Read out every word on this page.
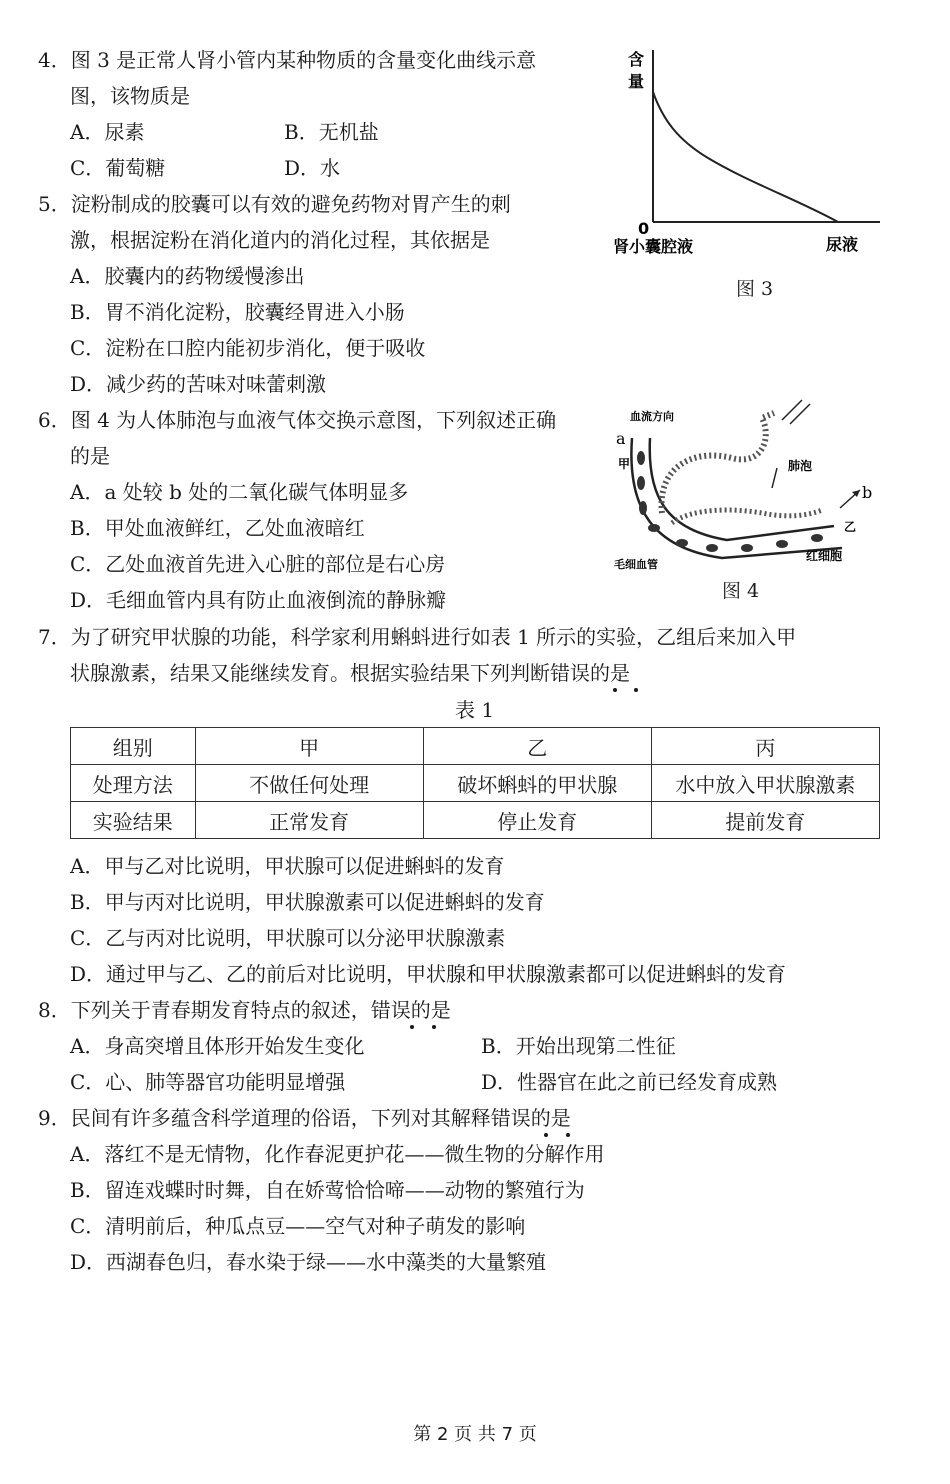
4．图 3 是正常人肾小管内某种物质的含量变化曲线示意
图，该物质是
A．尿素	B．无机盐
C．葡萄糖	D．水
含
量
0
肾小囊腔液	尿液
图 3
5．淀粉制成的胶囊可以有效的避免药物对胃产生的刺
激，根据淀粉在消化道内的消化过程，其依据是
A．胶囊内的药物缓慢渗出
B．胃不消化淀粉，胶囊经胃进入小肠
C．淀粉在口腔内能初步消化，便于吸收
D．减少药的苦味对味蕾刺激
6．图 4 为人体肺泡与血液气体交换示意图，下列叙述正确
的是
A．a 处较 b 处的二氧化碳气体明显多
B．甲处血液鲜红，乙处血液暗红
C．乙处血液首先进入心脏的部位是右心房
D．毛细血管内具有防止血液倒流的静脉瓣
血流方向
a
甲	肺泡
b
乙
红细胞
毛细血管
图 4
7．为了研究甲状腺的功能，科学家利用蝌蚪进行如表 1 所示的实验，乙组后来加入甲
状腺激素，结果又能继续发育。根据实验结果下列判断错误的是
表 1
组别	甲	乙	丙
处理方法	不做任何处理	破坏蝌蚪的甲状腺	水中放入甲状腺激素
实验结果	正常发育	停止发育	提前发育
A．甲与乙对比说明，甲状腺可以促进蝌蚪的发育
B．甲与丙对比说明，甲状腺激素可以促进蝌蚪的发育
C．乙与丙对比说明，甲状腺可以分泌甲状腺激素
D．通过甲与乙、乙的前后对比说明，甲状腺和甲状腺激素都可以促进蝌蚪的发育
8．下列关于青春期发育特点的叙述，错误的是
A．身高突增且体形开始发生变化	B．开始出现第二性征
C．心、肺等器官功能明显增强	D．性器官在此之前已经发育成熟
9．民间有许多蕴含科学道理的俗语，下列对其解释错误的是
A．落红不是无情物，化作春泥更护花——微生物的分解作用
B．留连戏蝶时时舞，自在娇莺恰恰啼——动物的繁殖行为
C．清明前后，种瓜点豆——空气对种子萌发的影响
D．西湖春色归，春水染于绿——水中藻类的大量繁殖
第 2 页 共 7 页
